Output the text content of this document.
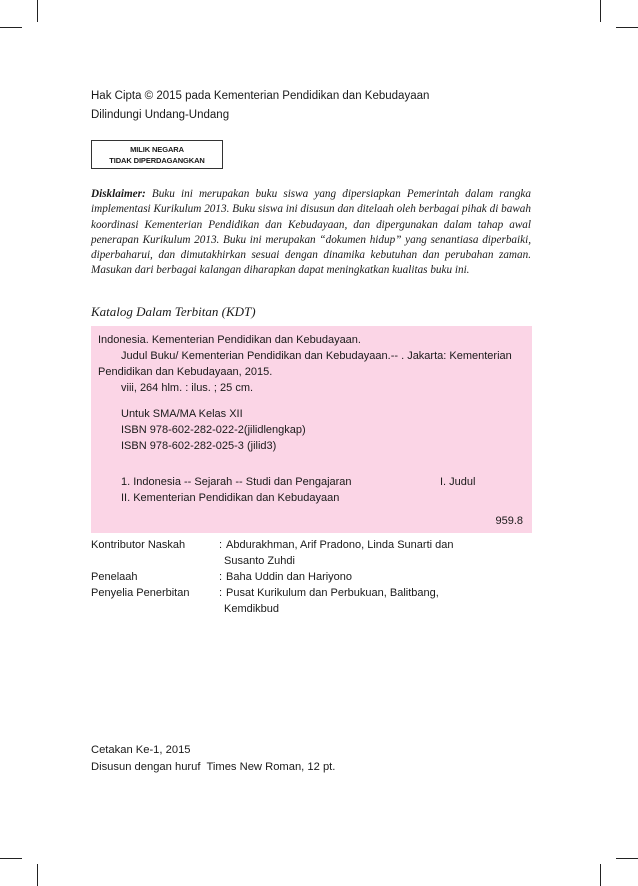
Hak Cipta © 2015 pada Kementerian Pendidikan dan Kebudayaan
Dilindungi Undang-Undang
MILIK NEGARA
TIDAK DIPERDAGANGKAN

Disklaimer: Buku ini merupakan buku siswa yang dipersiapkan Pemerintah dalam rangka implementasi Kurikulum 2013. Buku siswa ini disusun dan ditelaah oleh berbagai pihak di bawah koordinasi Kementerian Pendidikan dan Kebudayaan, dan dipergunakan dalam tahap awal penerapan Kurikulum 2013. Buku ini merupakan “dokumen hidup” yang senantiasa diperbaiki, diperbaharui, dan dimutakhirkan sesuai dengan dinamika kebutuhan dan perubahan zaman. Masukan dari berbagai kalangan diharapkan dapat meningkatkan kualitas buku ini.

Katalog Dalam Terbitan (KDT)
Indonesia. Kementerian Pendidikan dan Kebudayaan.
Judul Buku/ Kementerian Pendidikan dan Kebudayaan.-- . Jakarta: Kementerian
Pendidikan dan Kebudayaan, 2015.
viii, 264 hlm. : ilus. ; 25 cm.
Untuk SMA/MA Kelas XII
ISBN 978-602-282-022-2(jilidlengkap)
ISBN 978-602-282-025-3 (jilid3)
1. Indonesia -- Sejarah -- Studi dan Pengajaran	I. Judul
II. Kementerian Pendidikan dan Kebudayaan
959.8
Kontributor Naskah	: Abdurakhman, Arif Pradono, Linda Sunarti dan
Susanto Zuhdi
Penelaah	: Baha Uddin dan Hariyono
Penyelia Penerbitan	: Pusat Kurikulum dan Perbukuan, Balitbang,
Kemdikbud
Cetakan Ke-1, 2015
Disusun dengan huruf  Times New Roman, 12 pt.
